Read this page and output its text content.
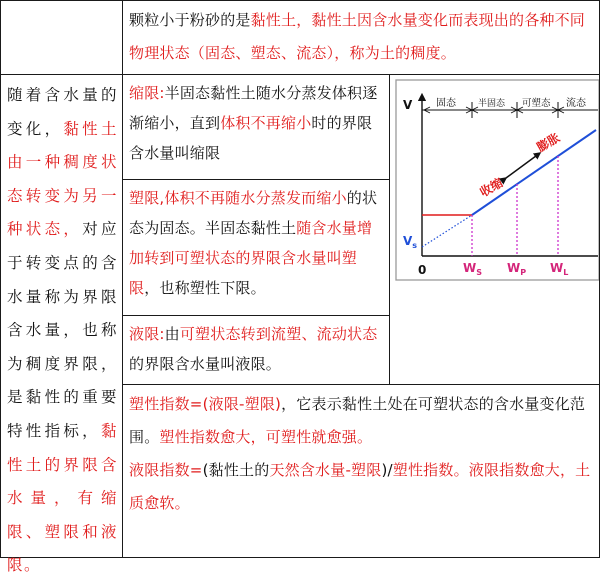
颗粒小于粉砂的是黏性土，黏性土因含水量变化而表现出的各种不同物理状态（固态、塑态、流态），称为土的稠度。
随着含水量的变化，黏性土由一种稠度状态转变为另一种状态，对应于转变点的含水量称为界限含水量，也称为稠度界限，是黏性的重要特性指标，黏性土的界限含水量，有缩限、塑限和液限。
缩限:半固态黏性土随水分蒸发体积逐渐缩小，直到体积不再缩小时的界限含水量叫缩限
塑限,体积不再随水分蒸发而缩小的状态为固态。半固态黏性土随含水量增加转到可塑状态的界限含水量叫塑限，也称塑性下限。
液限:由可塑状态转到流塑、流动状态的界限含水量叫液限。
固态 半固态 可塑态 流态
V
0
$V_s$
收缩
膨胀
$W_S$ $W_P$ $W_L$
塑性指数=(液限-塑限)，它表示黏性土处在可塑状态的含水量变化范围。塑性指数愈大，可塑性就愈强。
液限指数=(黏性土的天然含水量-塑限)/塑性指数。液限指数愈大，土质愈软。
